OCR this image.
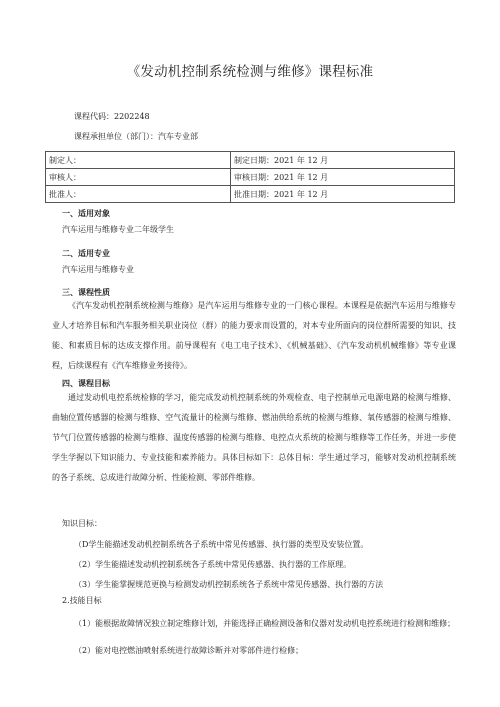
《发动机控制系统检测与维修》课程标准
课程代码：2202248
课程承担单位（部门）：汽车专业部
制定人：	制定日期：2021 年 12 月
审核人：	审核日期：2021 年 12 月
批准人：	批准日期：2021 年 12 月
一、适用对象
汽车运用与维修专业二年级学生
二、适用专业
汽车运用与维修专业
三、课程性质
《汽车发动机控制系统检测与维修》是汽车运用与维修专业的一门核心课程。本课程是依据汽车运用与维修专业人才培养目标和汽车服务相关职业岗位（群）的能力要求而设置的，对本专业所面向的岗位群所需要的知识、技能、和素质目标的达成支撑作用。前导课程有《电工电子技术》、《机械基础》、《汽车发动机机械维修》等专业课程，后续课程有《汽车维修业务接待》。
四、课程目标
通过发动机电控系统检修的学习，能完成发动机控制系统的外观检查、电子控制单元电源电路的检测与维修、曲轴位置传感器的检测与维修、空气流量计的检测与维修、燃油供给系统的检测与维修、氧传感器的检测与维修、节气门位置传感器的检测与维修、温度传感器的检测与维修、电控点火系统的检测与维修等工作任务，并进一步使学生学握以下知识能力、专业技能和素养能力。具体目标如下：总体目标：学生通过学习，能够对发动机控制系统的各子系统、总成进行故障分析、性能检测、零部件维修。
知识目标：
（D学生能描述发动机控制系统各子系统中常见传感器、执行器的类型及安装位置。
（2）学生能描述发动机控制系统各子系统中常见传感器、执行器的工作原理。
（3）学生能掌握规范更换与检测发动机控制系统各子系统中常见传感器、执行器的方法
2.技能目标
（1）能根据故障情况独立制定维修计划，并能选择正确检测设备和仪器对发动机电控系统进行检测和维修；
（2）能对电控燃油喷射系统进行故障诊断并对零部件进行检修；
